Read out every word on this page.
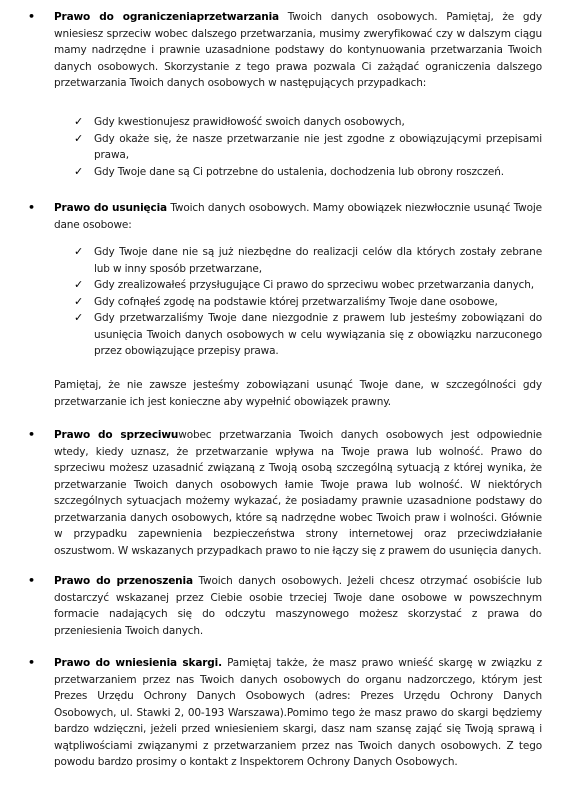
• Prawo do ograniczeniaprzetwarzania Twoich danych osobowych. Pamiętaj, że gdy wniesiesz sprzeciw wobec dalszego przetwarzania, musimy zweryfikować czy w dalszym ciągu mamy nadrzędne i prawnie uzasadnione podstawy do kontynuowania przetwarzania Twoich danych osobowych. Skorzystanie z tego prawa pozwala Ci zażądać ograniczenia dalszego przetwarzania Twoich danych osobowych w następujących przypadkach:

✓ Gdy kwestionujesz prawidłowość swoich danych osobowych,
✓ Gdy okaże się, że nasze przetwarzanie nie jest zgodne z obowiązującymi przepisami prawa,
✓ Gdy Twoje dane są Ci potrzebne do ustalenia, dochodzenia lub obrony roszczeń.
• Prawo do usunięcia Twoich danych osobowych. Mamy obowiązek niezwłocznie usunąć Twoje dane osobowe:

✓ Gdy Twoje dane nie są już niezbędne do realizacji celów dla których zostały zebrane lub w inny sposób przetwarzane,
✓ Gdy zrealizowałeś przysługujące Ci prawo do sprzeciwu wobec przetwarzania danych,
✓ Gdy cofnąłeś zgodę na podstawie której przetwarzaliśmy Twoje dane osobowe,
✓ Gdy przetwarzaliśmy Twoje dane niezgodnie z prawem lub jesteśmy zobowiązani do usunięcia Twoich danych osobowych w celu wywiązania się z obowiązku narzuconego przez obowiązujące przepisy prawa.

Pamiętaj, że nie zawsze jesteśmy zobowiązani usunąć Twoje dane, w szczególności gdy przetwarzanie ich jest konieczne aby wypełnić obowiązek prawny.

• Prawo do sprzeciwuwobec przetwarzania Twoich danych osobowych jest odpowiednie wtedy, kiedy uznasz, że przetwarzanie wpływa na Twoje prawa lub wolność. Prawo do sprzeciwu możesz uzasadnić związaną z Twoją osobą szczególną sytuacją z której wynika, że przetwarzanie Twoich danych osobowych łamie Twoje prawa lub wolność. W niektórych szczególnych sytuacjach możemy wykazać, że posiadamy prawnie uzasadnione podstawy do przetwarzania danych osobowych, które są nadrzędne wobec Twoich praw i wolności. Głównie w przypadku zapewnienia bezpieczeństwa strony internetowej oraz przeciwdziałanie oszustwom. W wskazanych przypadkach prawo to nie łączy się z prawem do usunięcia danych.

• Prawo do przenoszenia Twoich danych osobowych. Jeżeli chcesz otrzymać osobiście lub dostarczyć wskazanej przez Ciebie osobie trzeciej Twoje dane osobowe w powszechnym formacie nadających się do odczytu maszynowego możesz skorzystać z prawa do przeniesienia Twoich danych.

• Prawo do wniesienia skargi. Pamiętaj także, że masz prawo wnieść skargę w związku z przetwarzaniem przez nas Twoich danych osobowych do organu nadzorczego, którym jest Prezes Urzędu Ochrony Danych Osobowych (adres: Prezes Urzędu Ochrony Danych Osobowych, ul. Stawki 2, 00-193 Warszawa).Pomimo tego że masz prawo do skargi będziemy bardzo wdzięczni, jeżeli przed wniesieniem skargi, dasz nam szansę zająć się Twoją sprawą i wątpliwościami związanymi z przetwarzaniem przez nas Twoich danych osobowych. Z tego powodu bardzo prosimy o kontakt z Inspektorem Ochrony Danych Osobowych.
